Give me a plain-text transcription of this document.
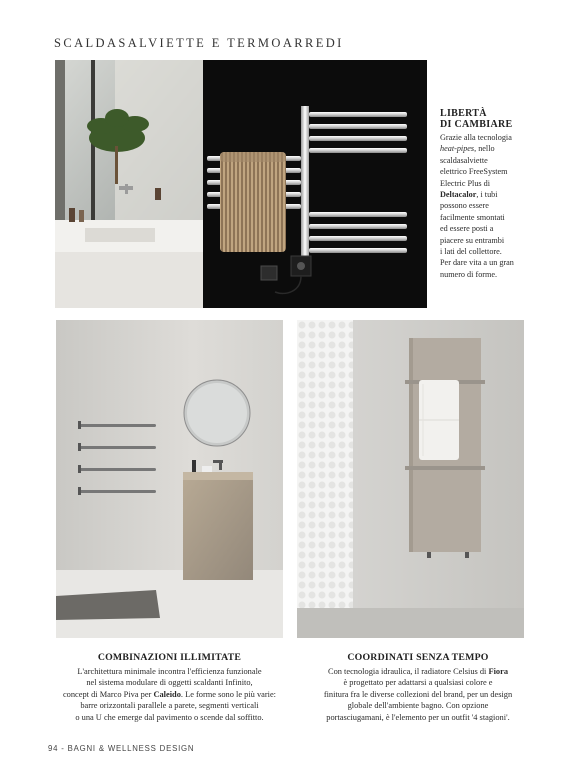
SCALDASALVIETTE E TERMOARREDI
LIBERTÀ
DI CAMBIARE
Grazie alla tecnologia
heat-pipes, nello
scaldasalviette
elettrico FreeSystem
Electric Plus di
Deltacalor, i tubi
possono essere
facilmente smontati
ed essere posti a
piacere su entrambi
i lati del collettore.
Per dare vita a un gran
numero di forme.
COMBINAZIONI ILLIMITATE
L'architettura minimale incontra l'efficienza funzionale
nel sistema modulare di oggetti scaldanti Infinito,
concept di Marco Piva per Caleido. Le forme sono le più varie:
barre orizzontali parallele a parete, segmenti verticali
o una U che emerge dal pavimento o scende dal soffitto.
COORDINATI SENZA TEMPO
Con tecnologia idraulica, il radiatore Celsius di Fiora
è progettato per adattarsi a qualsiasi colore e
finitura fra le diverse collezioni del brand, per un design
globale dell'ambiente bagno. Con opzione
portasciugamani, è l'elemento per un outfit '4 stagioni'.
94 - BAGNI & WELLNESS DESIGN
